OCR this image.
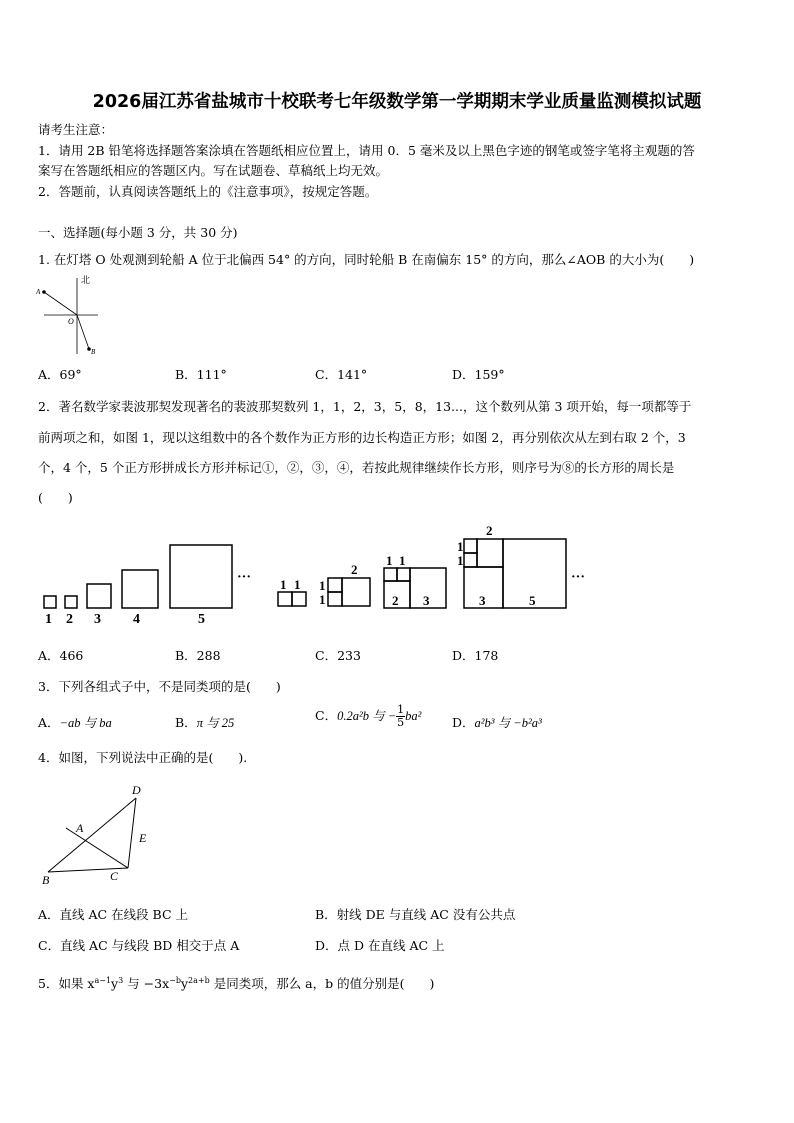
2026届江苏省盐城市十校联考七年级数学第一学期期末学业质量监测模拟试题
请考生注意：
1．请用 2B 铅笔将选择题答案涂填在答题纸相应位置上，请用 0．5 毫米及以上黑色字迹的钢笔或签字笔将主观题的答
案写在答题纸相应的答题区内。写在试题卷、草稿纸上均无效。
2．答题前，认真阅读答题纸上的《注意事项》，按规定答题。
一、选择题(每小题 3 分，共 30 分)
1. 在灯塔 O 处观测到轮船 A 位于北偏西 54° 的方向，同时轮船 B 在南偏东 15° 的方向，那么∠AOB 的大小为(　　)
北
A
O
B
A．69°	B．111°	C．141°	D．159°
2．著名数学家裴波那契发现著名的裴波那契数列 1，1，2，3，5，8，13...，这个数列从第 3 项开始，每一项都等于
前两项之和，如图 1，现以这组数中的各个数作为正方形的边长构造正方形；如图 2，再分别依次从左到右取 2 个，3
个，4 个，5 个正方形拼成长方形并标记①，②，③，④，若按此规律继续作长方形，则序号为⑧的长方形的周长是
(　　)
1 2 3 4	5
··· 1 1 1
1
2
1 1
2 3
1
1
2
3	5
···
A．466	B．288	C．233	D．178
3．下列各组式子中，不是同类项的是(　　)
A．−ab 与 ba	B．π 与 25	C．0.2a²b 与 − $\frac{1}{5} ba^2$ D．a²b³ 与 −b²a³
4．如图，下列说法中正确的是(　　).
D
A
E
B	C
A．直线 AC 在线段 BC 上	B．射线 DE 与直线 AC 没有公共点
C．直线 AC 与线段 BD 相交于点 A	D．点 D 在直线 AC 上
5．如果 $x^{a-1}y^3$ 与 $-3x^{-b}y^{2a+b}$ 是同类项，那么 a，b 的值分别是(　　)
